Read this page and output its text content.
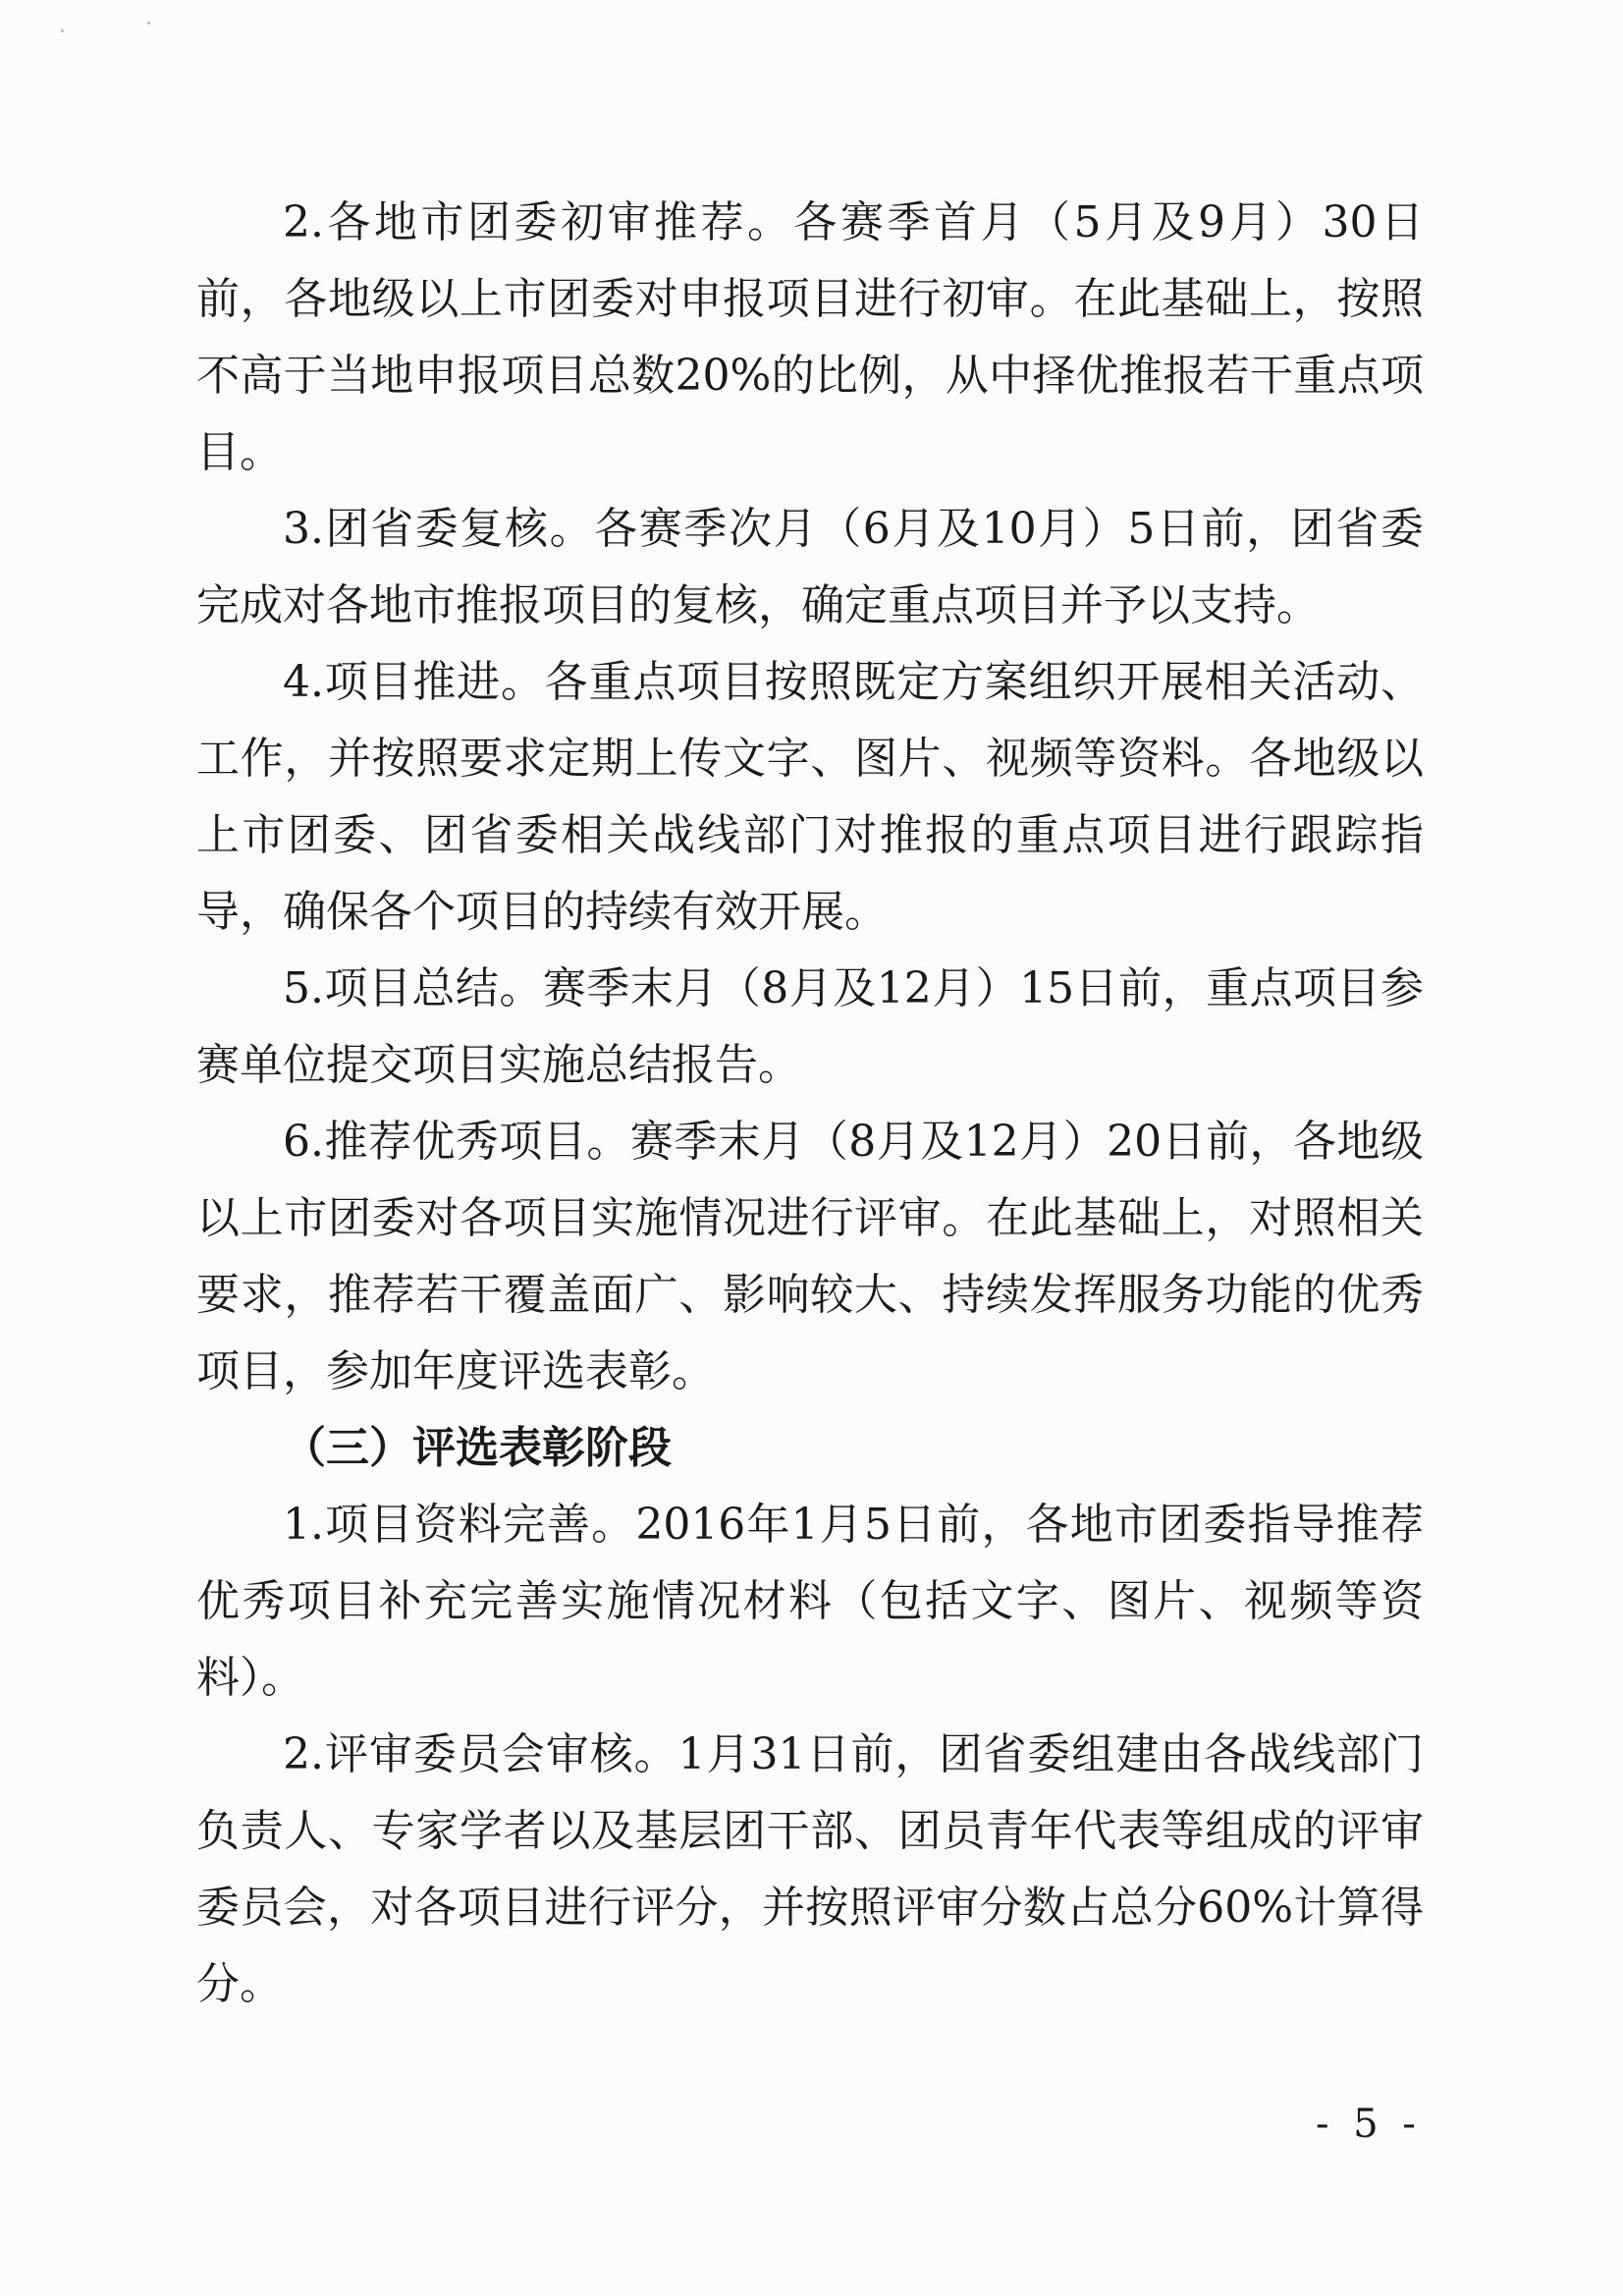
2.各地市团委初审推荐。各赛季首月（5月及9月）30日前，各地级以上市团委对申报项目进行初审。在此基础上，按照不高于当地申报项目总数20%的比例，从中择优推报若干重点项目。

3.团省委复核。各赛季次月（6月及10月）5日前，团省委完成对各地市推报项目的复核，确定重点项目并予以支持。

4.项目推进。各重点项目按照既定方案组织开展相关活动、工作，并按照要求定期上传文字、图片、视频等资料。各地级以上市团委、团省委相关战线部门对推报的重点项目进行跟踪指导，确保各个项目的持续有效开展。

5.项目总结。赛季末月（8月及12月）15日前，重点项目参赛单位提交项目实施总结报告。

6.推荐优秀项目。赛季末月（8月及12月）20日前，各地级以上市团委对各项目实施情况进行评审。在此基础上，对照相关要求，推荐若干覆盖面广、影响较大、持续发挥服务功能的优秀项目，参加年度评选表彰。

（三）评选表彰阶段

1.项目资料完善。2016年1月5日前，各地市团委指导推荐优秀项目补充完善实施情况材料（包括文字、图片、视频等资料）。

2.评审委员会审核。1月31日前，团省委组建由各战线部门负责人、专家学者以及基层团干部、团员青年代表等组成的评审委员会，对各项目进行评分，并按照评审分数占总分60%计算得分。

- 5 -
